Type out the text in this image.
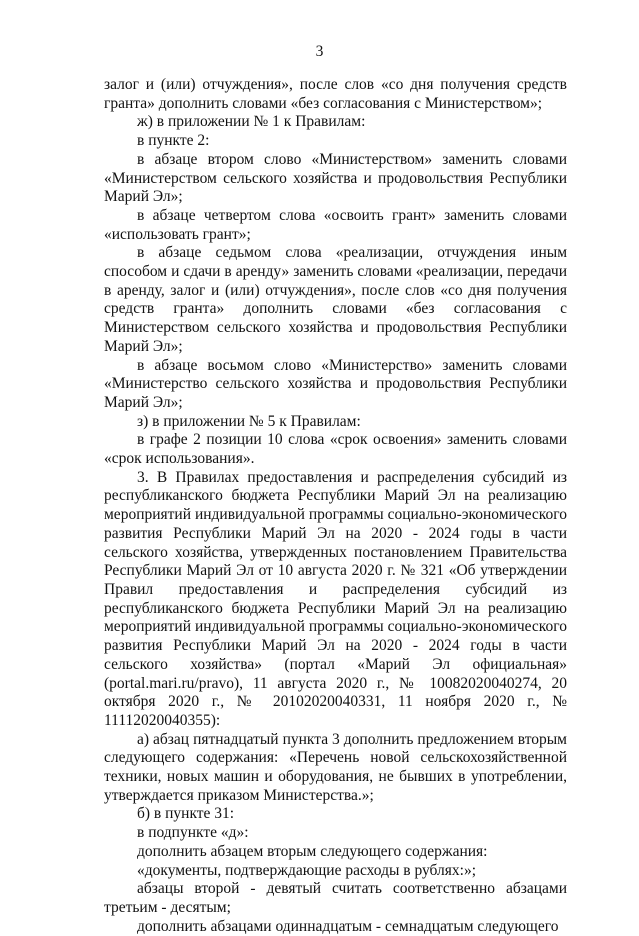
3

залог и (или) отчуждения», после слов «со дня получения средств гранта» дополнить словами «без согласования с Министерством»;

ж) в приложении № 1 к Правилам:

в пункте 2:

в абзаце втором слово «Министерством» заменить словами «Министерством сельского хозяйства и продовольствия Республики Марий Эл»;

в абзаце четвертом слова «освоить грант» заменить словами «использовать грант»;

в абзаце седьмом слова «реализации, отчуждения иным способом и сдачи в аренду» заменить словами «реализации, передачи в аренду, залог и (или) отчуждения», после слов «со дня получения средств гранта» дополнить словами «без согласования с Министерством сельского хозяйства и продовольствия Республики Марий Эл»;

в абзаце восьмом слово «Министерство» заменить словами «Министерство сельского хозяйства и продовольствия Республики Марий Эл»;

з) в приложении № 5 к Правилам:

в графе 2 позиции 10 слова «срок освоения» заменить словами «срок использования».

3. В Правилах предоставления и распределения субсидий из республиканского бюджета Республики Марий Эл на реализацию мероприятий индивидуальной программы социально-экономического развития Республики Марий Эл на 2020 - 2024 годы в части сельского хозяйства, утвержденных постановлением Правительства Республики Марий Эл от 10 августа 2020 г. № 321 «Об утверждении Правил предоставления и распределения субсидий из республиканского бюджета Республики Марий Эл на реализацию мероприятий индивидуальной программы социально-экономического развития Республики Марий Эл на 2020 - 2024 годы в части сельского хозяйства» (портал «Марий Эл официальная» (portal.mari.ru/pravo), 11 августа 2020 г., № 10082020040274, 20 октября 2020 г., № 20102020040331, 11 ноября 2020 г., № 11112020040355):

а) абзац пятнадцатый пункта 3 дополнить предложением вторым следующего содержания: «Перечень новой сельскохозяйственной техники, новых машин и оборудования, не бывших в употреблении, утверждается приказом Министерства.»;

б) в пункте 31:

в подпункте «д»:

дополнить абзацем вторым следующего содержания:

«документы, подтверждающие расходы в рублях:»;

абзацы второй - девятый считать соответственно абзацами третьим - десятым;

дополнить абзацами одиннадцатым - семнадцатым следующего
